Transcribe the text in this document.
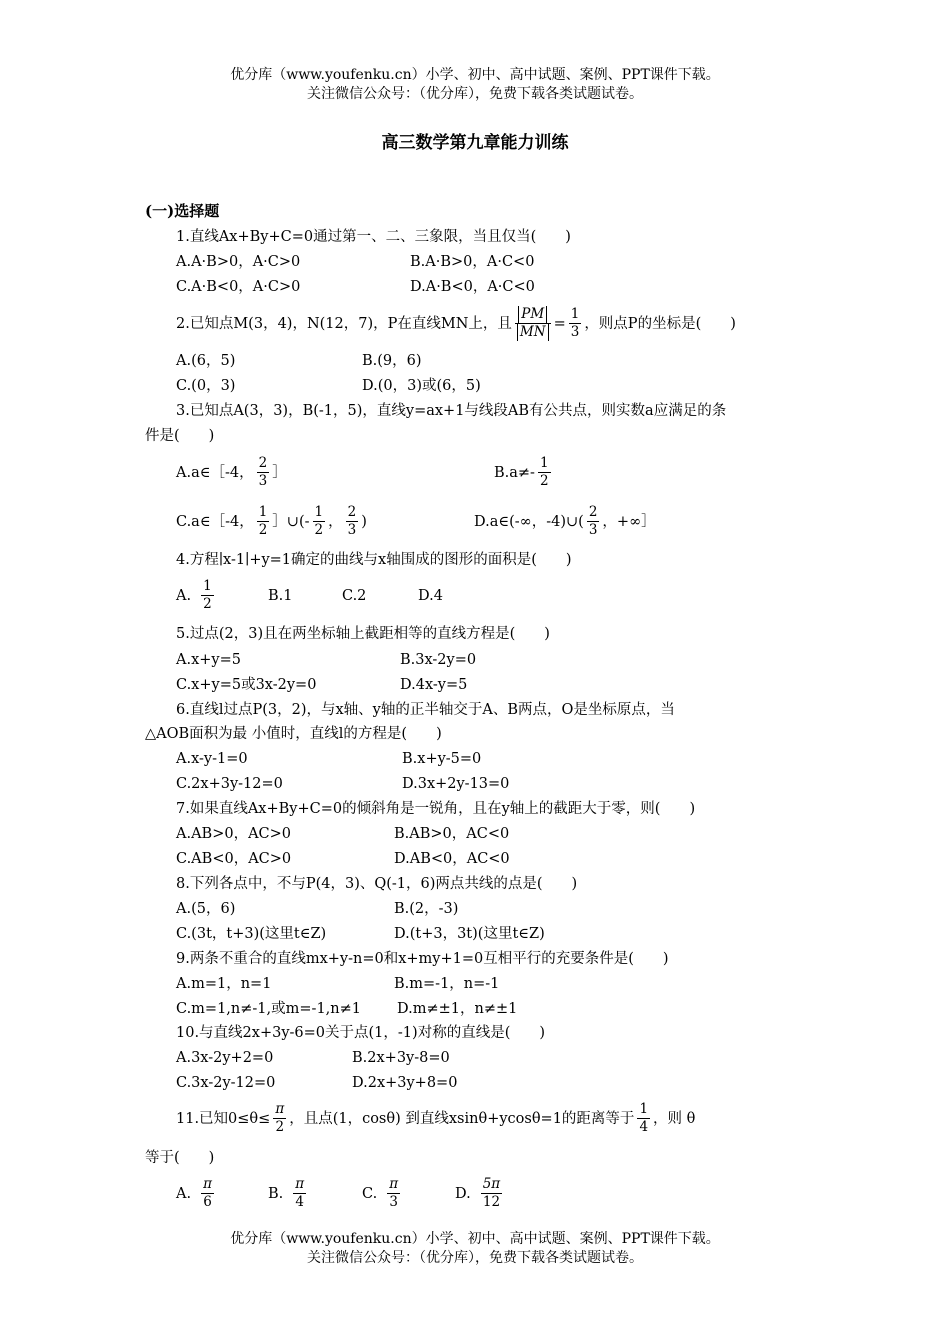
优分库（www.youfenku.cn）小学、初中、高中试题、案例、PPT课件下载。
关注微信公众号：（优分库），免费下载各类试题试卷。
高三数学第九章能力训练
(一)选择题
1.直线Ax+By+C=0通过第一、二、三象限，当且仅当(　　)
A.A·B>0，A·C>0	B.A·B>0，A·C<0
C.A·B<0，A·C>0	D.A·B<0，A·C<0
2.已知点M(3，4)，N(12，7)，P在直线MN上，且 $\frac{PM}{MN} = \frac{1}{3}$ ，则点P的坐标是(　　)
A.(6，5)	B.(9，6)
C.(0，3)	D.(0，3)或(6，5)
3.已知点A(3，3)，B(-1，5)，直线y=ax+1与线段AB有公共点，则实数a应满足的条
件是(　　)
A.a∈［-4， $\frac{2}{3}$ ］	$B.a\ne- \frac{1}{2}$
C.a∈［-4， $\frac{1}{2}$ ］∪(- $\frac{1}{2}$ ， $\frac{2}{3}$ )	D.a∈(-∞，-4)∪( $\frac{2}{3}$ ，+∞］
4.方程∣x-1∣+y=1确定的曲线与x轴围成的图形的面积是(　　)
A. $\frac{1}{2}$	B.1	C.2	D.4
5.过点(2，3)且在两坐标轴上截距相等的直线方程是(　　)
A.x+y=5	B.3x-2y=0
C.x+y=5或3x-2y=0	D.4x-y=5
6.直线l过点P(3，2)，与x轴、y轴的正半轴交于A、B两点，O是坐标原点，当
△AOB面积为最 小值时，直线l的方程是(　　)
A.x-y-1=0	B.x+y-5=0
C.2x+3y-12=0	D.3x+2y-13=0
7.如果直线Ax+By+C=0的倾斜角是一锐角，且在y轴上的截距大于零，则(　　)
A.AB>0，AC>0	B.AB>0，AC<0
C.AB<0，AC>0	D.AB<0，AC<0
8.下列各点中，不与P(4，3)、Q(-1，6)两点共线的点是(　　)
A.(5，6)	B.(2，-3)
C.(3t，t+3)(这里t∈Z)	D.(t+3，3t)(这里t∈Z)
9.两条不重合的直线mx+y-n=0和x+my+1=0互相平行的充要条件是(　　)
A.m=1，n=1	B.m=-1，n=-1
C.m=1,n≠-1,或m=-1,n≠1 D.m≠±1，n≠±1
10.与直线2x+3y-6=0关于点(1，-1)对称的直线是(　　)
A.3x-2y+2=0	B.2x+3y-8=0
C.3x-2y-12=0	D.2x+3y+8=0
11.已知$0\le\theta\le \frac{\pi}{2}$ ，且点(1，cosθ) 到直线xsinθ+ycosθ=1的距离等于 $\frac{1}{4}$ ，则 θ
等于(　　)
A. $\frac{\pi}{6}$	B. $\frac{\pi}{4}$	C. $\frac{\pi}{3}$	D. $\frac{5\pi}{12}$
优分库（www.youfenku.cn）小学、初中、高中试题、案例、PPT课件下载。
关注微信公众号：（优分库），免费下载各类试题试卷。
